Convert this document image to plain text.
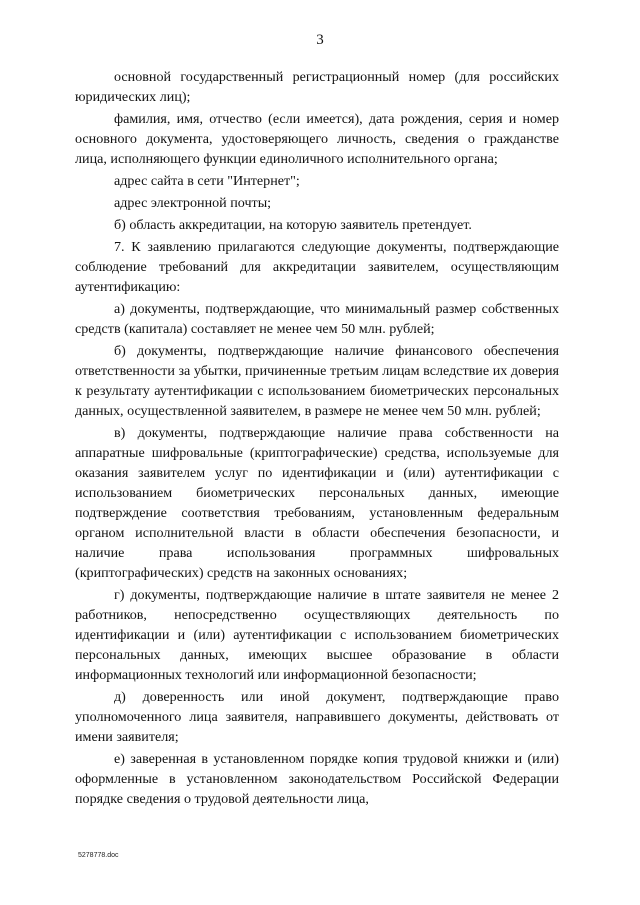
3

основной государственный регистрационный номер (для российских юридических лиц);

фамилия, имя, отчество (если имеется), дата рождения, серия и номер основного документа, удостоверяющего личность, сведения о гражданстве лица, исполняющего функции единоличного исполнительного органа;

адрес сайта в сети "Интернет";

адрес электронной почты;

б) область аккредитации, на которую заявитель претендует.

7. К заявлению прилагаются следующие документы, подтверждающие соблюдение требований для аккредитации заявителем, осуществляющим аутентификацию:

а) документы, подтверждающие, что минимальный размер собственных средств (капитала) составляет не менее чем 50 млн. рублей;

б) документы, подтверждающие наличие финансового обеспечения ответственности за убытки, причиненные третьим лицам вследствие их доверия к результату аутентификации с использованием биометрических персональных данных, осуществленной заявителем, в размере не менее чем 50 млн. рублей;

в) документы, подтверждающие наличие права собственности на аппаратные шифровальные (криптографические) средства, используемые для оказания заявителем услуг по идентификации и (или) аутентификации с использованием биометрических персональных данных, имеющие подтверждение соответствия требованиям, установленным федеральным органом исполнительной власти в области обеспечения безопасности, и наличие права использования программных шифровальных (криптографических) средств на законных основаниях;

г) документы, подтверждающие наличие в штате заявителя не менее 2 работников, непосредственно осуществляющих деятельность по идентификации и (или) аутентификации с использованием биометрических персональных данных, имеющих высшее образование в области информационных технологий или информационной безопасности;

д) доверенность или иной документ, подтверждающие право уполномоченного лица заявителя, направившего документы, действовать от имени заявителя;

е) заверенная в установленном порядке копия трудовой книжки и (или) оформленные в установленном законодательством Российской Федерации порядке сведения о трудовой деятельности лица,

5278778.doc
